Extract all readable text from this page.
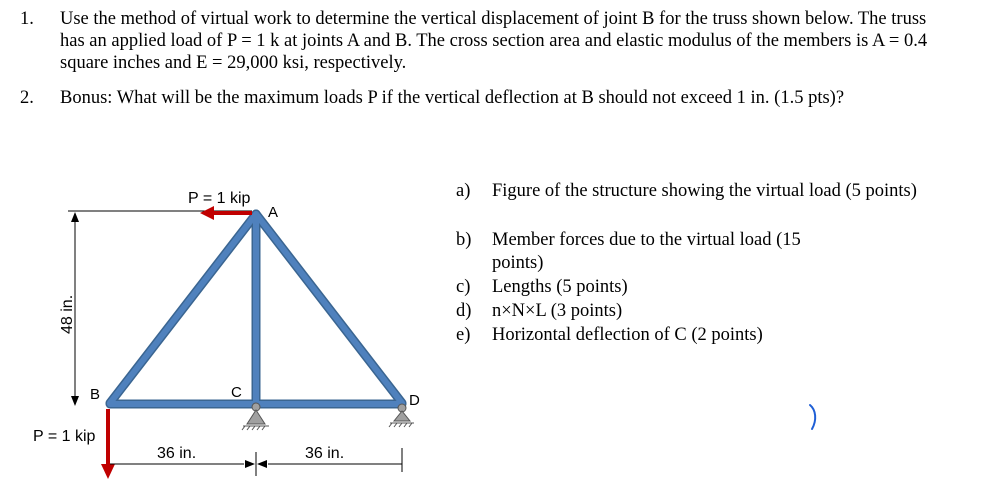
1.	Use the method of virtual work to determine the vertical displacement of joint B for the truss shown below. The truss has an applied load of P = 1 k at joints A and B. The cross section area and elastic modulus of the members is A = 0.4 square inches and E = 29,000 ksi, respectively.
2.	Bonus: What will be the maximum loads P if the vertical deflection at B should not exceed 1 in. (1.5 pts)?
P = 1 kip
A
B	C	D
P = 1 kip
36 in.	36 in.
48 in.
a)	Figure of the structure showing the virtual load (5 points)
b)	Member forces due to the virtual load (15 points)
c)	Lengths (5 points)
d)	n×N×L (3 points)
e)	Horizontal deflection of C (2 points)
